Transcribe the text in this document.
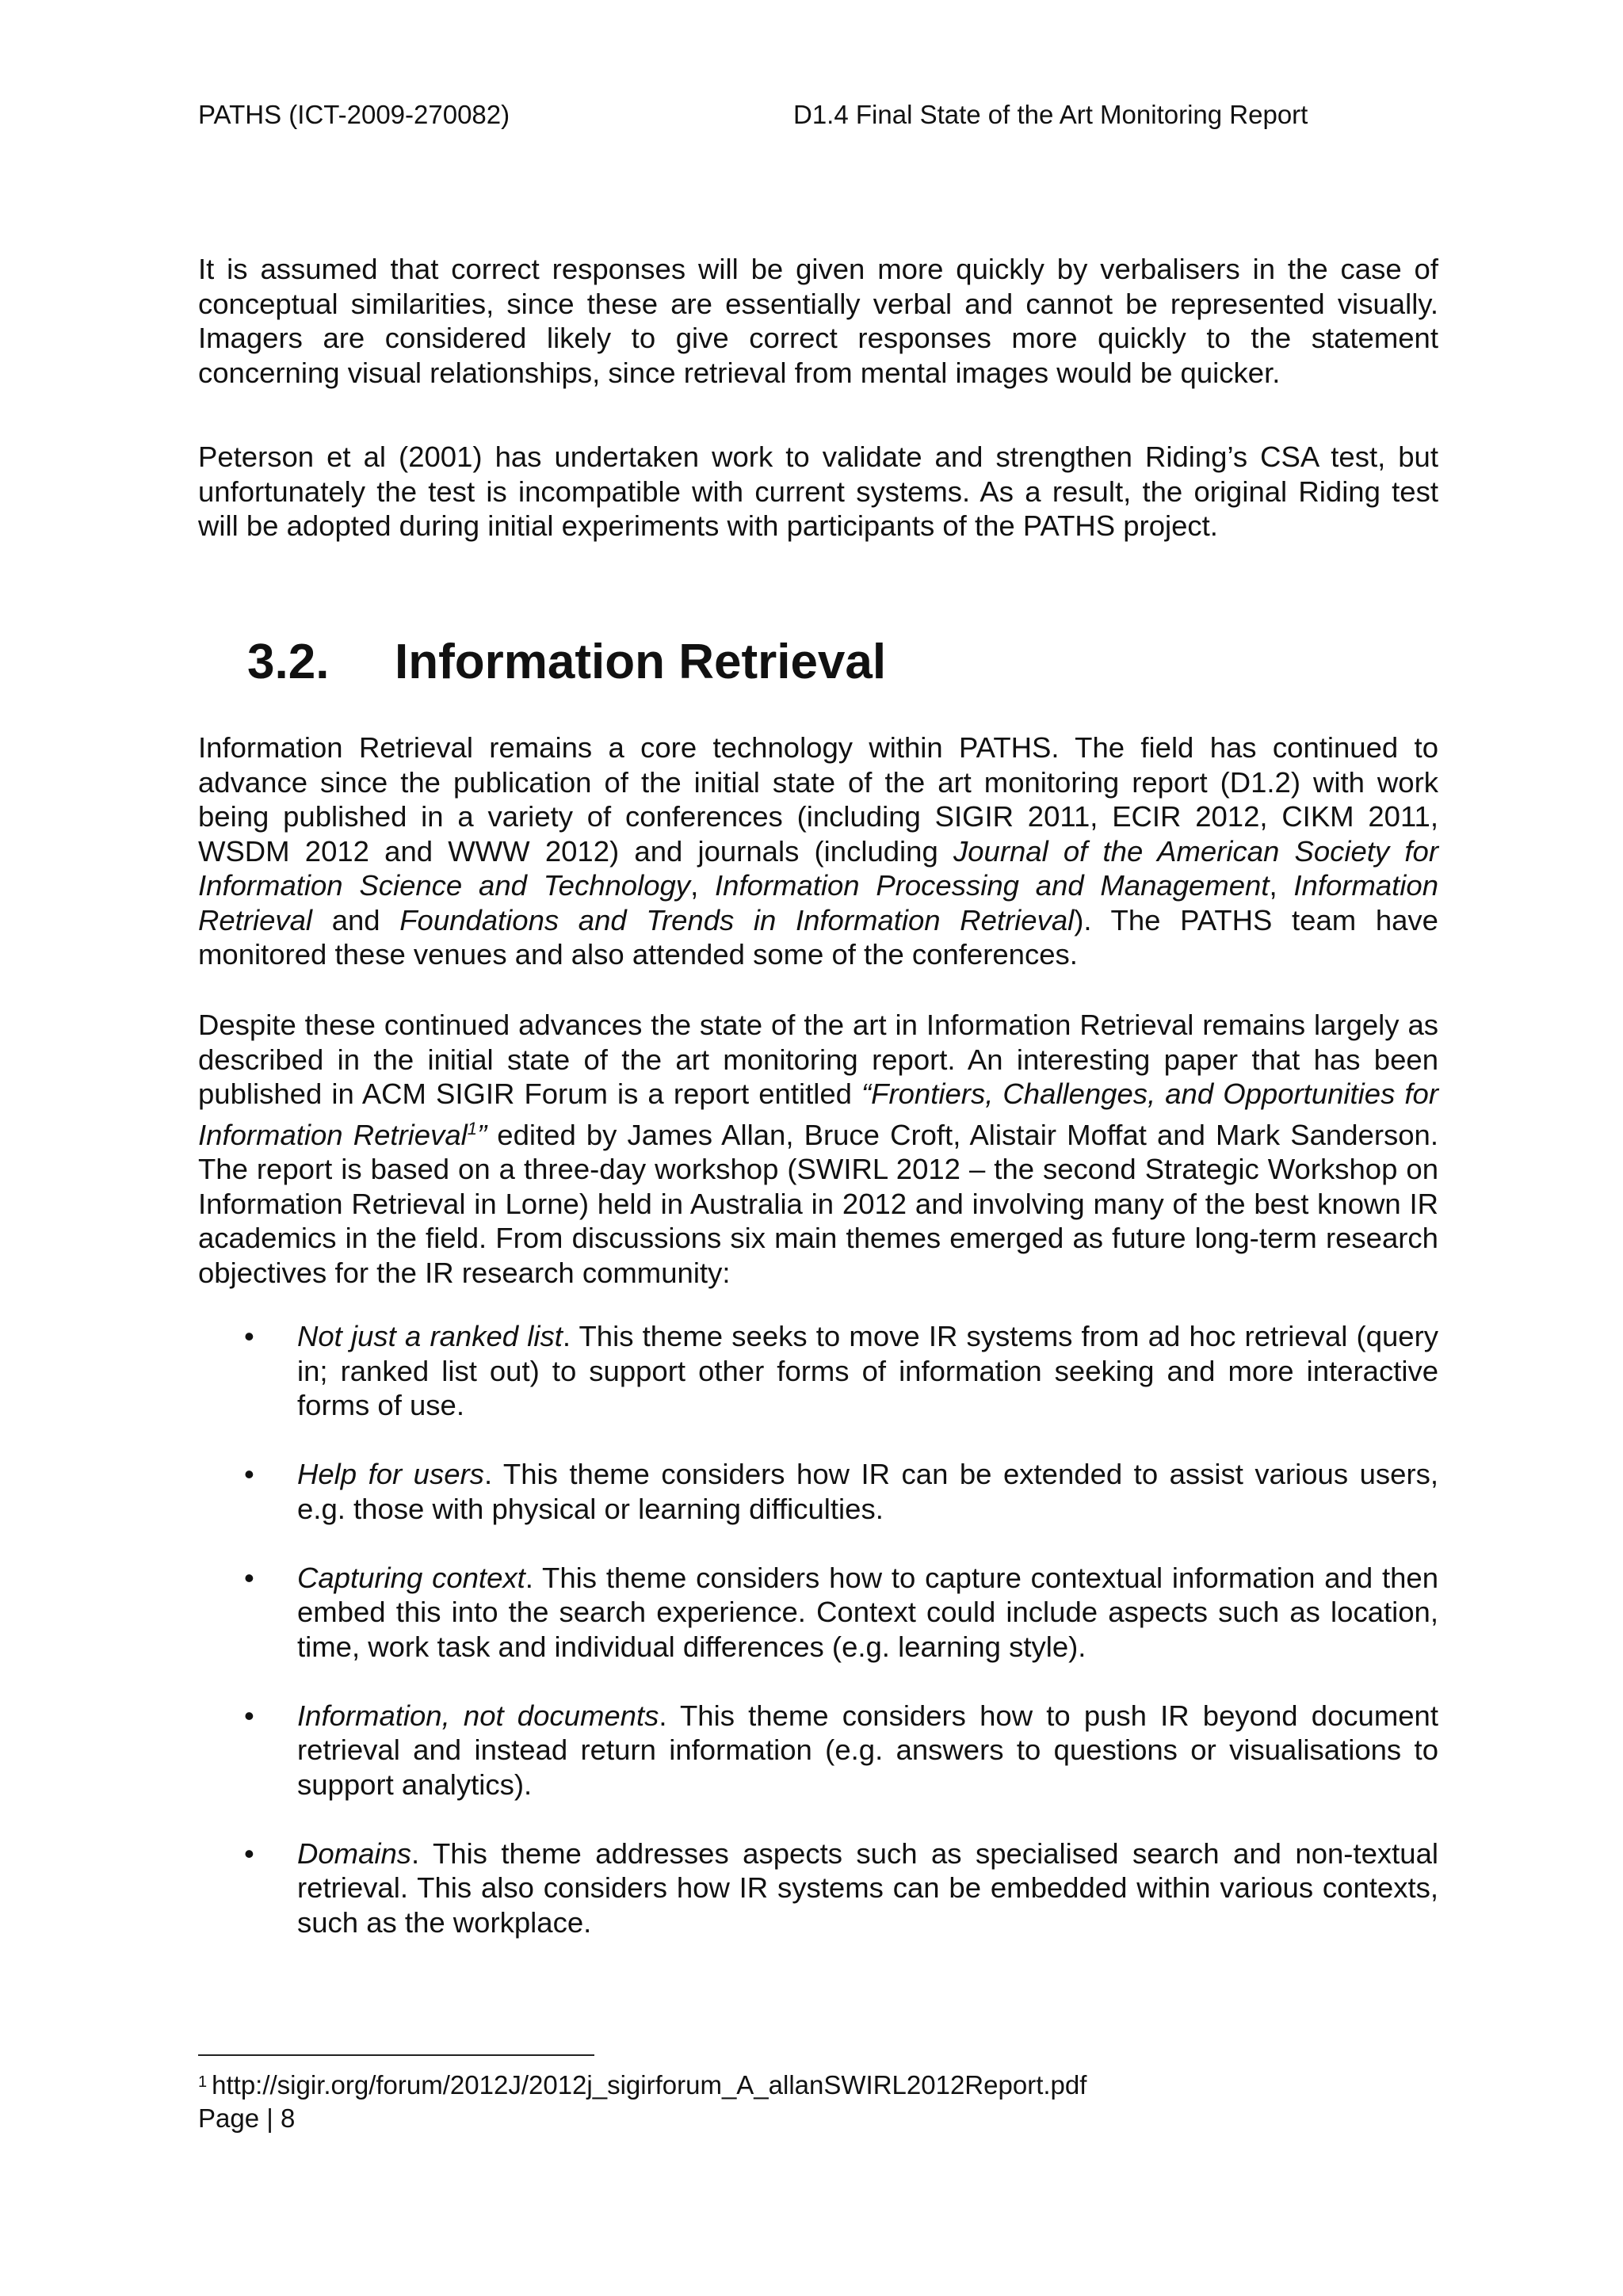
PATHS (ICT-2009-270082)	D1.4 Final State of the Art Monitoring Report

It is assumed that correct responses will be given more quickly by verbalisers in the case of conceptual similarities, since these are essentially verbal and cannot be represented visually. Imagers are considered likely to give correct responses more quickly to the statement concerning visual relationships, since retrieval from mental images would be quicker.

Peterson et al (2001) has undertaken work to validate and strengthen Riding’s CSA test, but unfortunately the test is incompatible with current systems. As a result, the original Riding test will be adopted during initial experiments with participants of the PATHS project.

3.2. Information Retrieval

Information Retrieval remains a core technology within PATHS. The field has continued to advance since the publication of the initial state of the art monitoring report (D1.2) with work being published in a variety of conferences (including SIGIR 2011, ECIR 2012, CIKM 2011, WSDM 2012 and WWW 2012) and journals (including Journal of the American Society for Information Science and Technology, Information Processing and Management, Information Retrieval and Foundations and Trends in Information Retrieval). The PATHS team have monitored these venues and also attended some of the conferences.

Despite these continued advances the state of the art in Information Retrieval remains largely as described in the initial state of the art monitoring report. An interesting paper that has been published in ACM SIGIR Forum is a report entitled “Frontiers, Challenges, and Opportunities for Information Retrieval$^1$” edited by James Allan, Bruce Croft, Alistair Moffat and Mark Sanderson. The report is based on a three-day workshop (SWIRL 2012 – the second Strategic Workshop on Information Retrieval in Lorne) held in Australia in 2012 and involving many of the best known IR academics in the field. From discussions six main themes emerged as future long-term research objectives for the IR research community:

• Not just a ranked list. This theme seeks to move IR systems from ad hoc retrieval (query in; ranked list out) to support other forms of information seeking and more interactive forms of use.
• Help for users. This theme considers how IR can be extended to assist various users, e.g. those with physical or learning difficulties.
• Capturing context. This theme considers how to capture contextual information and then embed this into the search experience. Context could include aspects such as location, time, work task and individual differences (e.g. learning style).
• Information, not documents. This theme considers how to push IR beyond document retrieval and instead return information (e.g. answers to questions or visualisations to support analytics).
• Domains. This theme addresses aspects such as specialised search and non-textual retrieval. This also considers how IR systems can be embedded within various contexts, such as the workplace.
$^1$ http://sigir.org/forum/2012J/2012j_sigirforum_A_allanSWIRL2012Report.pdf
Page | 8
